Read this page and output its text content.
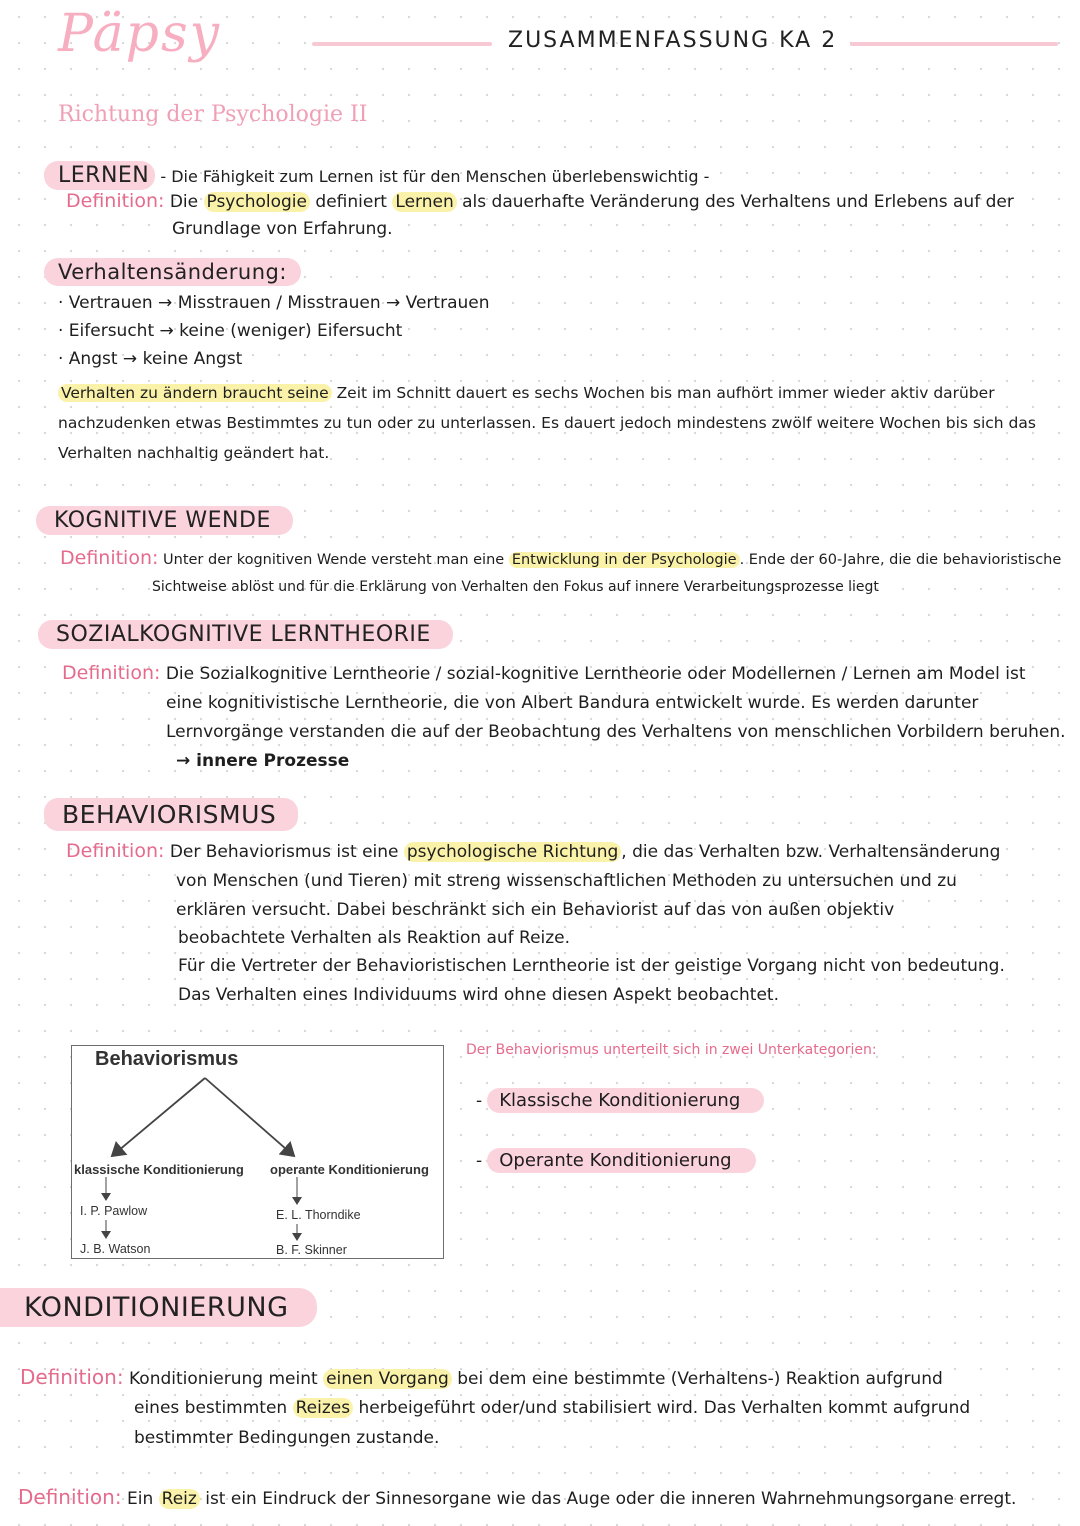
Päpsy	ZUSAMMENFASSUNG KA 2
Richtung der Psychologie II
LERNEN - Die Fähigkeit zum Lernen ist für den Menschen überlebenswichtig -
Definition: Die Psychologie definiert Lernen als dauerhafte Veränderung des Verhaltens und Erlebens auf der
Grundlage von Erfahrung.
Verhaltensänderung:
· Vertrauen → Misstrauen / Misstrauen → Vertrauen
· Eifersucht → keine (weniger) Eifersucht
· Angst → keine Angst
Verhalten zu ändern braucht seine Zeit im Schnitt dauert es sechs Wochen bis man aufhört immer wieder aktiv darüber
nachzudenken etwas Bestimmtes zu tun oder zu unterlassen. Es dauert jedoch mindestens zwölf weitere Wochen bis sich das
Verhalten nachhaltig geändert hat.
KOGNITIVE WENDE
Definition: Unter der kognitiven Wende versteht man eine Entwicklung in der Psychologie . Ende der 60-Jahre, die die behavioristische
Sichtweise ablöst und für die Erklärung von Verhalten den Fokus auf innere Verarbeitungsprozesse liegt
SOZIALKOGNITIVE LERNTHEORIE
Definition: Die Sozialkognitive Lerntheorie / sozial-kognitive Lerntheorie oder Modellernen / Lernen am Model ist
eine kognitivistische Lerntheorie, die von Albert Bandura entwickelt wurde. Es werden darunter
Lernvorgänge verstanden die auf der Beobachtung des Verhaltens von menschlichen Vorbildern beruhen.
→ innere Prozesse
BEHAVIORISMUS
Definition: Der Behaviorismus ist eine psychologische Richtung , die das Verhalten bzw. Verhaltensänderung
von Menschen (und Tieren) mit streng wissenschaftlichen Methoden zu untersuchen und zu
erklären versucht. Dabei beschränkt sich ein Behaviorist auf das von außen objektiv
beobachtete Verhalten als Reaktion auf Reize.
Für die Vertreter der Behavioristischen Lerntheorie ist der geistige Vorgang nicht von bedeutung.
Das Verhalten eines Individuums wird ohne diesen Aspekt beobachtet.
Behaviorismus
klassische Konditionierung operante Konditionierung
I. P. Pawlow
J. B. Watson
E. L. Thorndike
B. F. Skinner
Der Behaviorismus unterteilt sich in zwei Unterkategorien:
- Klassische Konditionierung
- Operante Konditionierung
KONDITIONIERUNG
Definition: Konditionierung meint einen Vorgang bei dem eine bestimmte (Verhaltens-) Reaktion aufgrund
eines bestimmten Reizes herbeigeführt oder/und stabilisiert wird. Das Verhalten kommt aufgrund
bestimmter Bedingungen zustande.
Definition: Ein Reiz ist ein Eindruck der Sinnesorgane wie das Auge oder die inneren Wahrnehmungsorgane erregt.
